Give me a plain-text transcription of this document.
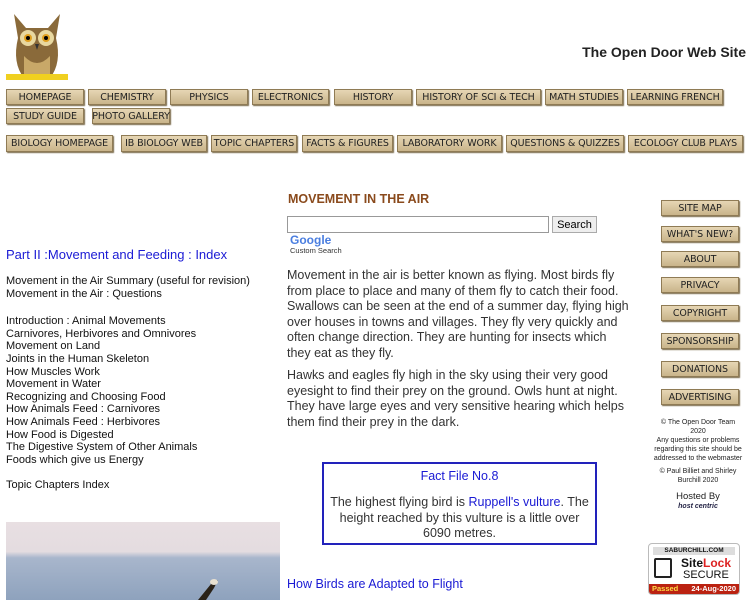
The Open Door Web Site
HOMEPAGE	CHEMISTRY	PHYSICS	ELECTRONICS	HISTORY	HISTORY OF SCI & TECH	MATH STUDIES	LEARNING FRENCH
STUDY GUIDE	PHOTO GALLERY
BIOLOGY HOMEPAGE	IB BIOLOGY WEB	TOPIC CHAPTERS	FACTS & FIGURES	LABORATORY WORK	QUESTIONS & QUIZZES	ECOLOGY CLUB PLAYS
Part II :Movement and Feeding : Index
Movement in the Air Summary (useful for revision)
Movement in the Air : Questions
Introduction : Animal Movements
Carnivores, Herbivores and Omnivores
Movement on Land
Joints in the Human Skeleton
How Muscles Work
Movement in Water
Recognizing and Choosing Food
How Animals Feed : Carnivores
How Animals Feed : Herbivores
How Food is Digested
The Digestive System of Other Animals
Foods which give us Energy
Topic Chapters Index
MOVEMENT IN THE AIR
Search
Google
Custom Search
Movement in the air is better known as flying. Most birds fly from place to place and many of them fly to catch their food. Swallows can be seen at the end of a summer day, flying high over houses in towns and villages. They fly very quickly and often change direction. They are hunting for insects which they eat as they fly.
Hawks and eagles fly high in the sky using their very good eyesight to find their prey on the ground. Owls hunt at night. They have large eyes and very sensitive hearing which helps them find their prey in the dark.
Fact File No.8
The highest flying bird is Ruppell's vulture. The height reached by this vulture is a little over 6090 metres.
How Birds are Adapted to Flight
SITE MAP
WHAT'S NEW?
ABOUT
PRIVACY
COPYRIGHT
SPONSORSHIP
DONATIONS
ADVERTISING
© The Open Door Team 2020
Any questions or problems regarding this site should be addressed to the webmaster
© Paul Billiet and Shirley Burchill 2020
Hosted By
host centric
SABURCHILL.COM
SiteLock
SECURE
Passed 24-Aug-2020
